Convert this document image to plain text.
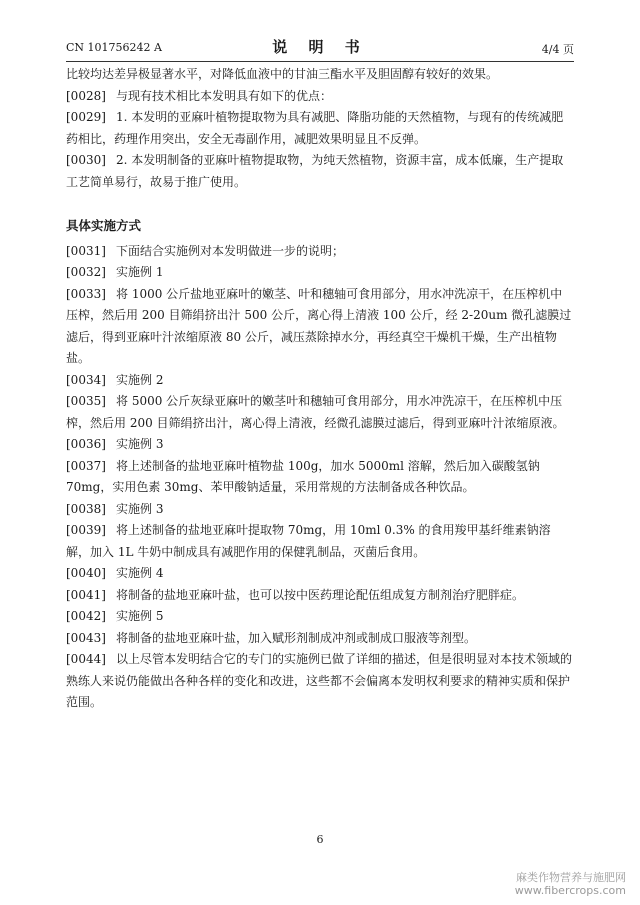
CN 101756242 A	说 明 书	4/4 页

比较均达差异极显著水平，对降低血液中的甘油三酯水平及胆固醇有较好的效果。

[0028] 与现有技术相比本发明具有如下的优点：

[0029] 1. 本发明的亚麻叶植物提取物为具有减肥、降脂功能的天然植物，与现有的传统减肥药相比，药理作用突出，安全无毒副作用，减肥效果明显且不反弹。

[0030] 2. 本发明制备的亚麻叶植物提取物，为纯天然植物，资源丰富，成本低廉，生产提取工艺简单易行，故易于推广使用。

具体实施方式

[0031] 下面结合实施例对本发明做进一步的说明；

[0032] 实施例 1

[0033] 将 1000 公斤盐地亚麻叶的嫩茎、叶和穗轴可食用部分，用水冲洗凉干，在压榨机中压榨，然后用 200 目筛绢挤出汁 500 公斤，离心得上清液 100 公斤，经 2-20um 微孔滤膜过滤后，得到亚麻叶汁浓缩原液 80 公斤，减压蒸除掉水分，再经真空干燥机干燥，生产出植物盐。

[0034] 实施例 2

[0035] 将 5000 公斤灰绿亚麻叶的嫩茎叶和穗轴可食用部分，用水冲洗凉干，在压榨机中压榨，然后用 200 目筛绢挤出汁，离心得上清液，经微孔滤膜过滤后，得到亚麻叶汁浓缩原液。

[0036] 实施例 3

[0037] 将上述制备的盐地亚麻叶植物盐 100g，加水 5000ml 溶解，然后加入碳酸氢钠 70mg，实用色素 30mg、苯甲酸钠适量，采用常规的方法制备成各种饮品。

[0038] 实施例 3

[0039] 将上述制备的盐地亚麻叶提取物 70mg，用 10ml 0.3% 的食用羧甲基纤维素钠溶解，加入 1L 牛奶中制成具有减肥作用的保健乳制品，灭菌后食用。

[0040] 实施例 4

[0041] 将制备的盐地亚麻叶盐，也可以按中医药理论配伍组成复方制剂治疗肥胖症。

[0042] 实施例 5

[0043] 将制备的盐地亚麻叶盐，加入赋形剂制成冲剂或制成口服液等剂型。

[0044] 以上尽管本发明结合它的专门的实施例已做了详细的描述，但是很明显对本技术领域的熟练人来说仍能做出各种各样的变化和改进，这些都不会偏离本发明权利要求的精神实质和保护范围。

6
麻类作物营养与施肥网
www.fibercrops.com
